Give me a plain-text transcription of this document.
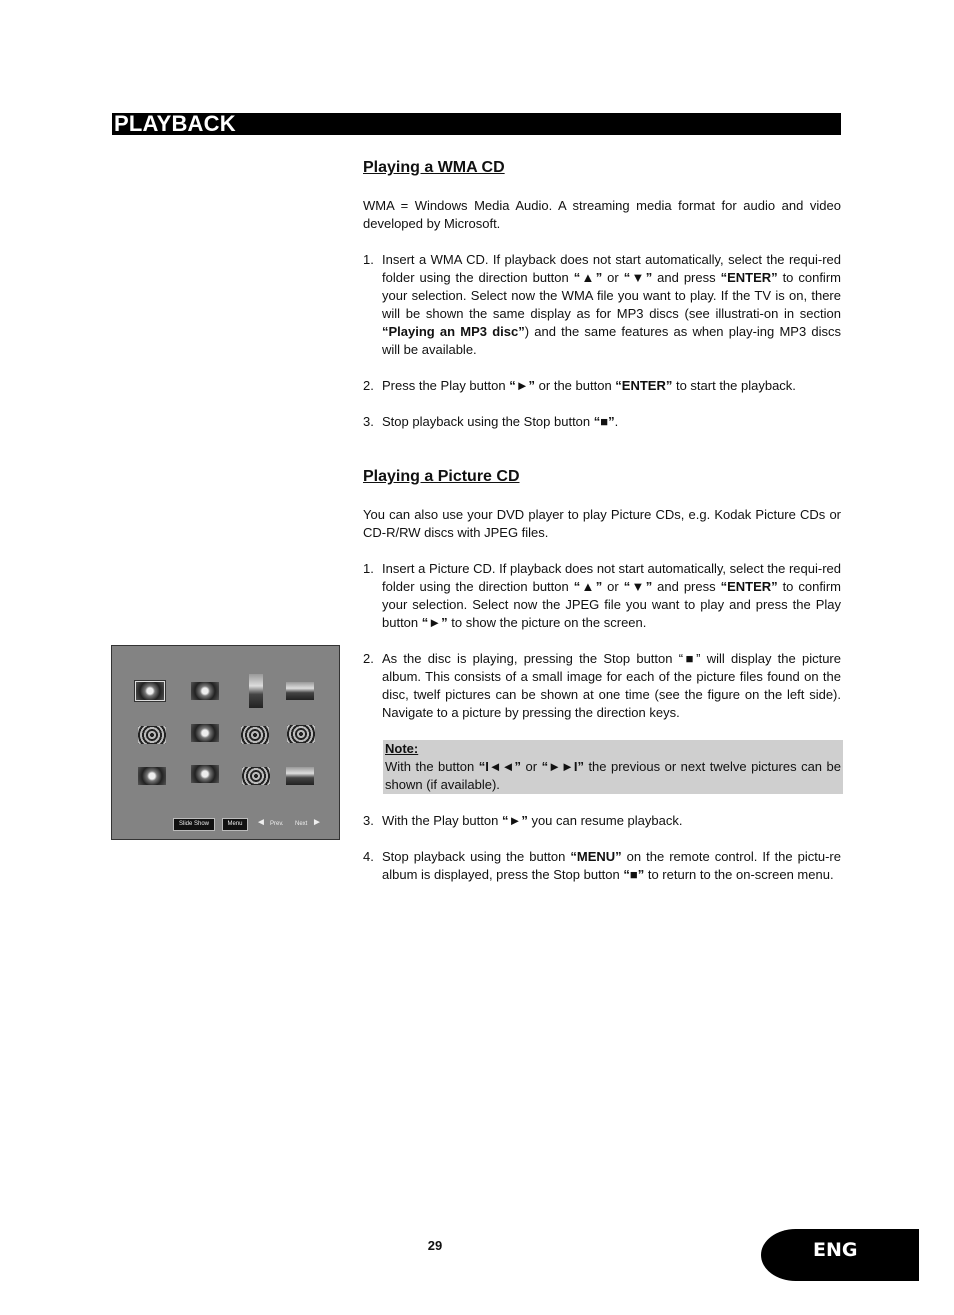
PLAYBACK
Playing a WMA CD
WMA = Windows Media Audio. A streaming media format for audio and video developed by Microsoft.
1. Insert a WMA CD. If playback does not start automatically, select the requi-red folder using the direction button “▲” or “▼” and press “ENTER” to confirm your selection. Select now the WMA file you want to play. If the TV is on, there will be shown the same display as for MP3 discs (see illustrati-on in section “Playing an MP3 disc”) and the same features as when play-ing MP3 discs will be available.
2. Press the Play button “►” or the button “ENTER” to start the playback.
3. Stop playback using the Stop button “■”.
Playing a Picture CD
You can also use your DVD player to play Picture CDs, e.g. Kodak Picture CDs or CD-R/RW discs with JPEG files.
1. Insert a Picture CD. If playback does not start automatically, select the requi-red folder using the direction button “▲” or “▼” and press “ENTER” to confirm your selection. Select now the JPEG file you want to play and press the Play button “►” to show the picture on the screen.
2. As the disc is playing, pressing the Stop button “■” will display the picture album. This consists of a small image for each of the picture files found on the disc, twelf pictures can be shown at one time (see the figure on the left side). Navigate to a picture by pressing the direction keys.
Note:
With the button “I◄◄” or “►►I” the previous or next twelve pictures can be shown (if available).
3. With the Play button “►” you can resume playback.
4. Stop playback using the button “MENU” on the remote control. If the pictu-re album is displayed, press the Stop button “■” to return to the on-screen menu.
Slide Show	Menu	◄ Prev. Next ►
29	ENG
